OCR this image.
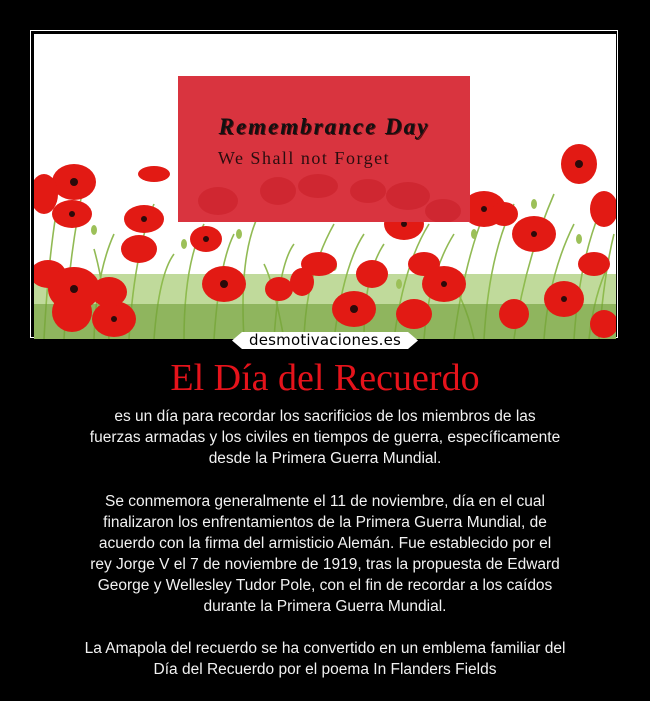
Remembrance Day
We Shall not Forget
desmotivaciones.es
El Día del Recuerdo
es un día para recordar los sacrificios de los miembros de las
fuerzas armadas y los civiles en tiempos de guerra, específicamente
desde la Primera Guerra Mundial.
Se conmemora generalmente el 11 de noviembre, día en el cual
finalizaron los enfrentamientos de la Primera Guerra Mundial, de
acuerdo con la firma del armisticio Alemán. Fue establecido por el
rey Jorge V el 7 de noviembre de 1919, tras la propuesta de Edward
George y Wellesley Tudor Pole, con el fin de recordar a los caídos
durante la Primera Guerra Mundial.
La Amapola del recuerdo se ha convertido en un emblema familiar del
Día del Recuerdo por el poema In Flanders Fields
